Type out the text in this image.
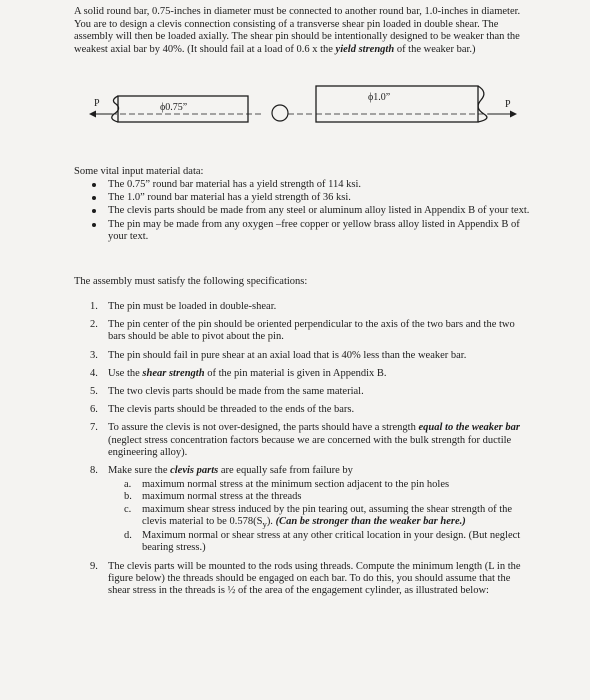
A solid round bar, 0.75-inches in diameter must be connected to another round bar, 1.0-inches in diameter. You are to design a clevis connection consisting of a transverse shear pin loaded in double shear. The assembly will then be loaded axially. The shear pin should be intentionally designed to be weaker than the weakest axial bar by 40%. (It should fail at a load of 0.6 x the yield strength of the weaker bar.)
P	ϕ0.75”
ϕ1.0”
P
Some vital input material data:
The 0.75” round bar material has a yield strength of 114 ksi.
The 1.0” round bar material has a yield strength of 36 ksi.
The clevis parts should be made from any steel or aluminum alloy listed in Appendix B of your text.
The pin may be made from any oxygen –free copper or yellow brass alloy listed in Appendix B of your text.
The assembly must satisfy the following specifications:
1. The pin must be loaded in double-shear.
2. The pin center of the pin should be oriented perpendicular to the axis of the two bars and the two bars should be able to pivot about the pin.
3. The pin should fail in pure shear at an axial load that is 40% less than the weaker bar.
4. Use the shear strength of the pin material is given in Appendix B.
5. The two clevis parts should be made from the same material.
6. The clevis parts should be threaded to the ends of the bars.
7. To assure the clevis is not over-designed, the parts should have a strength equal to the weaker bar (neglect stress concentration factors because we are concerned with the bulk strength for ductile engineering alloy).
8. Make sure the clevis parts are equally safe from failure by
a. maximum normal stress at the minimum section adjacent to the pin holes
b. maximum normal stress at the threads
c. maximum shear stress induced by the pin tearing out, assuming the shear strength of the clevis material to be $0.578(S_y)$. (Can be stronger than the weaker bar here.)
d. Maximum normal or shear stress at any other critical location in your design. (But neglect bearing stress.)
9. The clevis parts will be mounted to the rods using threads. Compute the minimum length (L in the figure below) the threads should be engaged on each bar. To do this, you should assume that the shear stress in the threads is ½ of the area of the engagement cylinder, as illustrated below:
